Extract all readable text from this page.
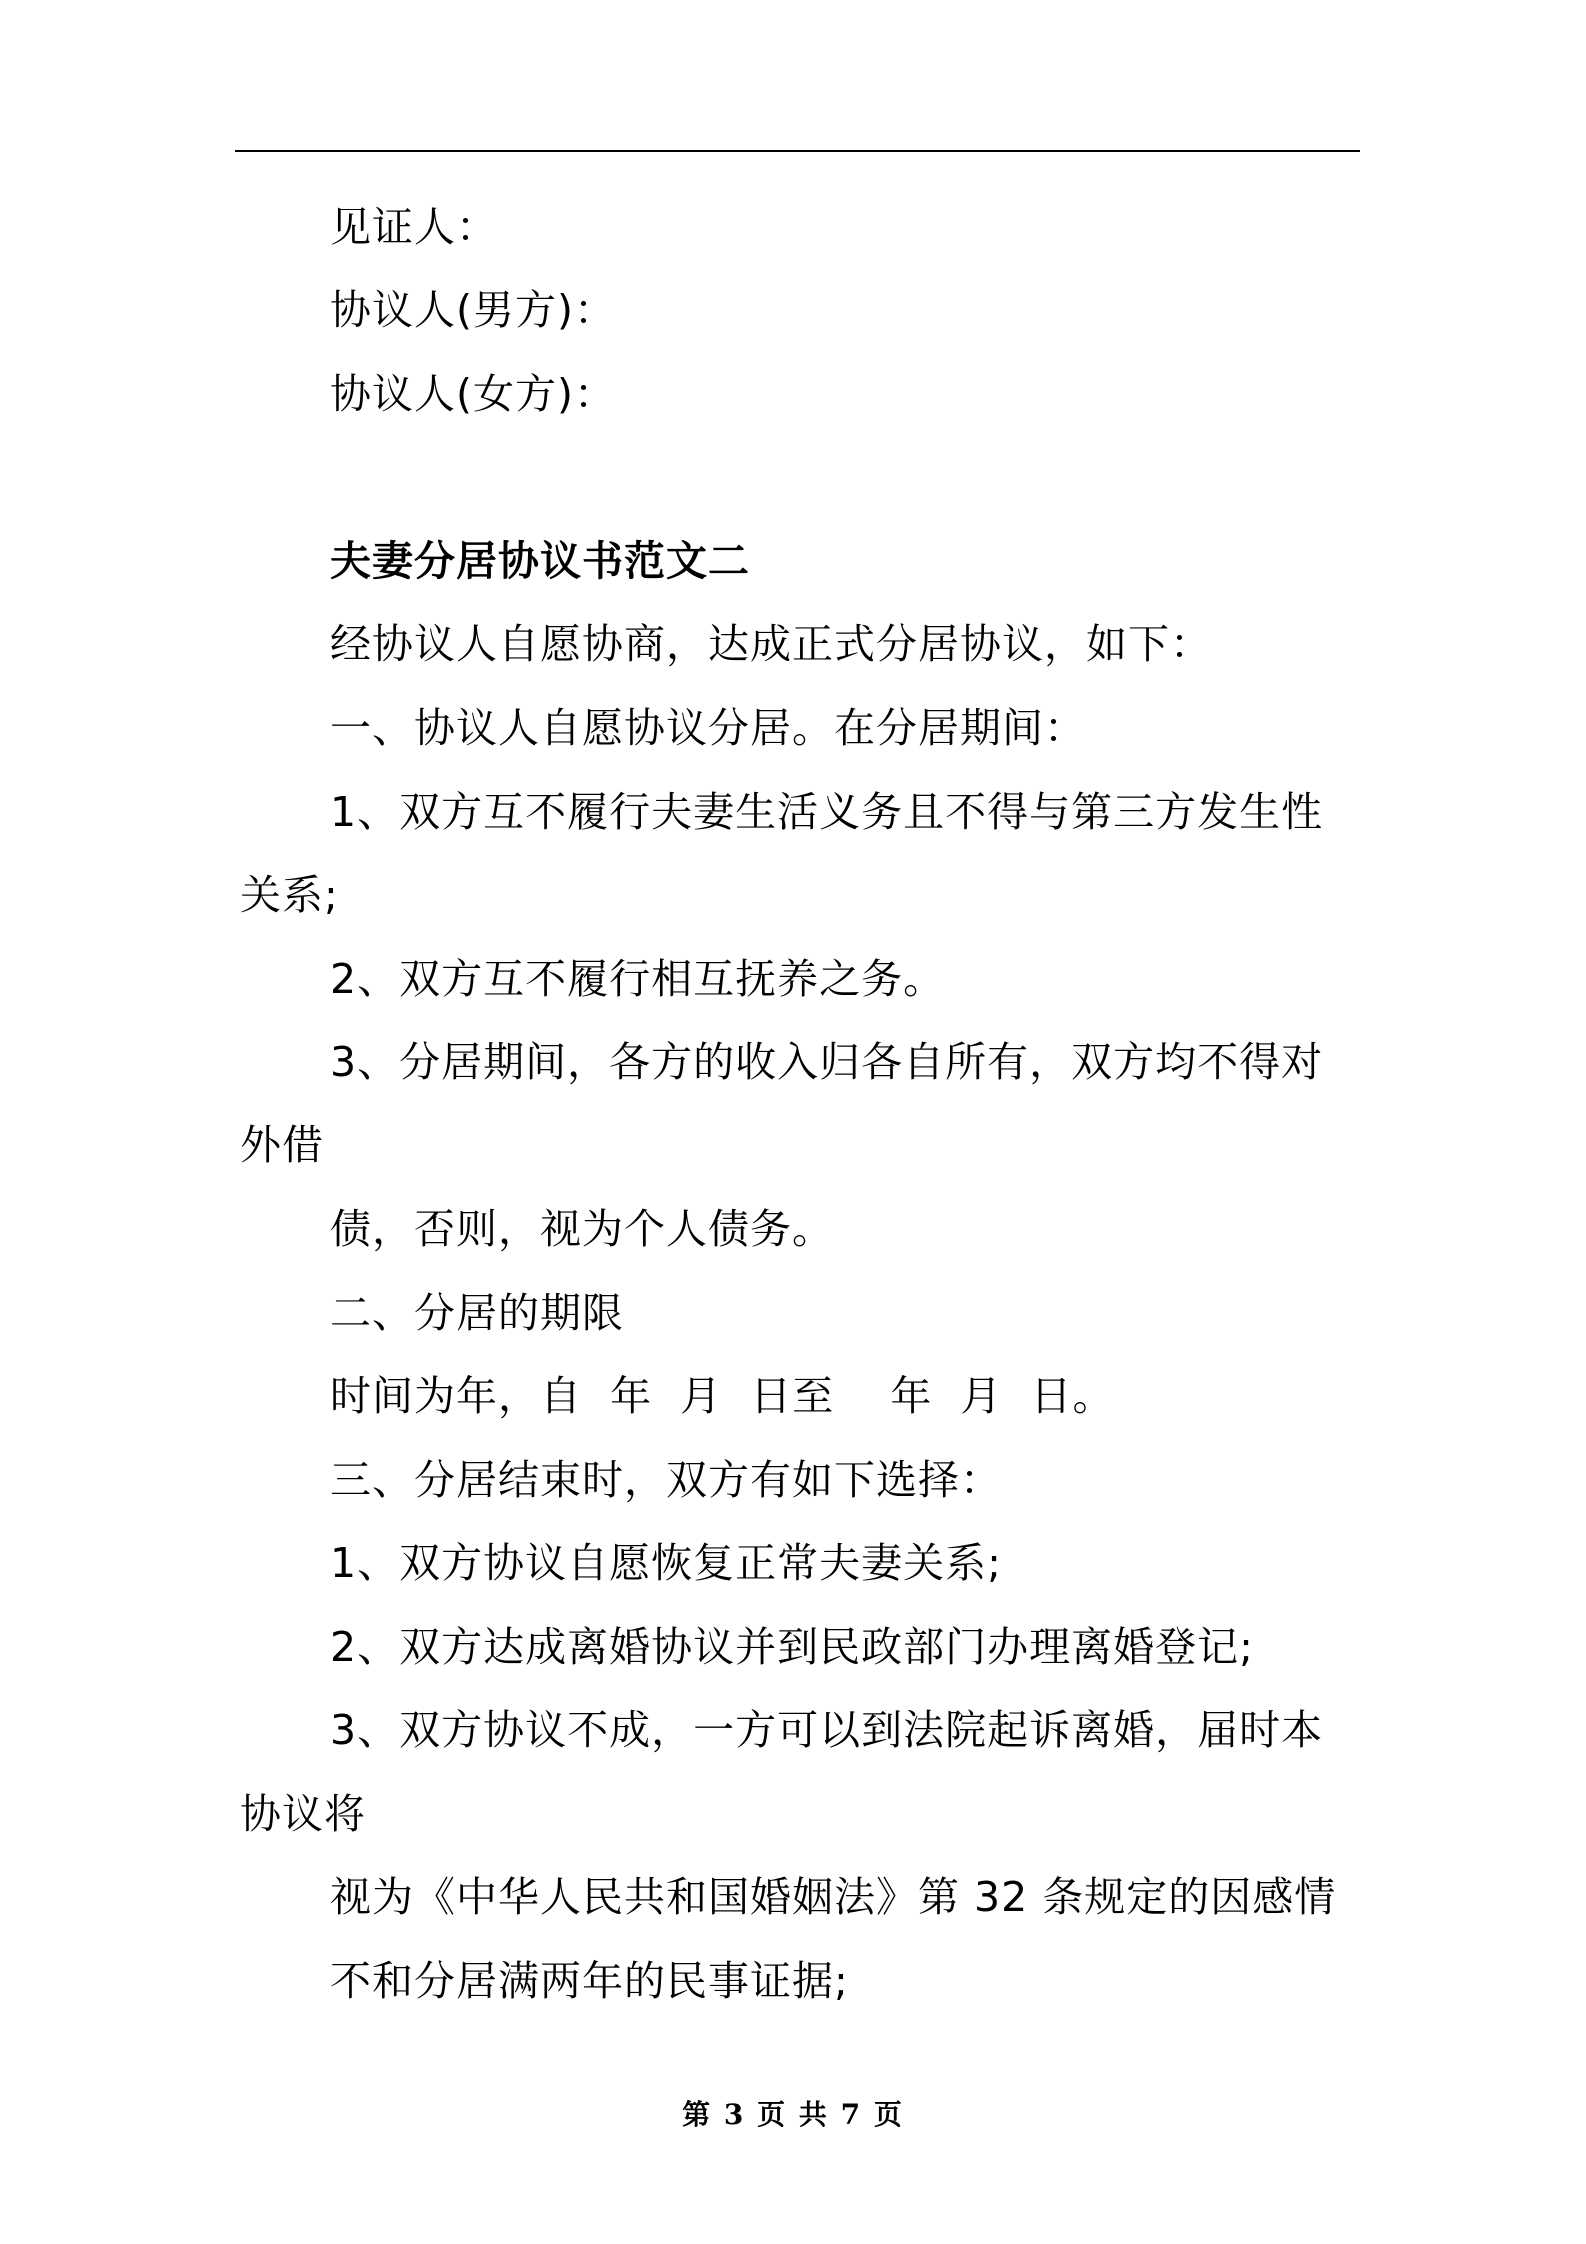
见证人：
协议人(男方)：
协议人(女方)：
夫妻分居协议书范文二
经协议人自愿协商，达成正式分居协议，如下：
一、协议人自愿协议分居。在分居期间：
1、双方互不履行夫妻生活义务且不得与第三方发生性
关系;
2、双方互不履行相互抚养之务。
3、分居期间，各方的收入归各自所有，双方均不得对
外借
债，否则，视为个人债务。
二、分居的期限
时间为年，自  年  月  日至    年  月  日。
三、分居结束时，双方有如下选择：
1、双方协议自愿恢复正常夫妻关系;
2、双方达成离婚协议并到民政部门办理离婚登记;
3、双方协议不成，一方可以到法院起诉离婚，届时本
协议将
视为《中华人民共和国婚姻法》第 32 条规定的因感情
不和分居满两年的民事证据;
第 3 页 共 7 页
